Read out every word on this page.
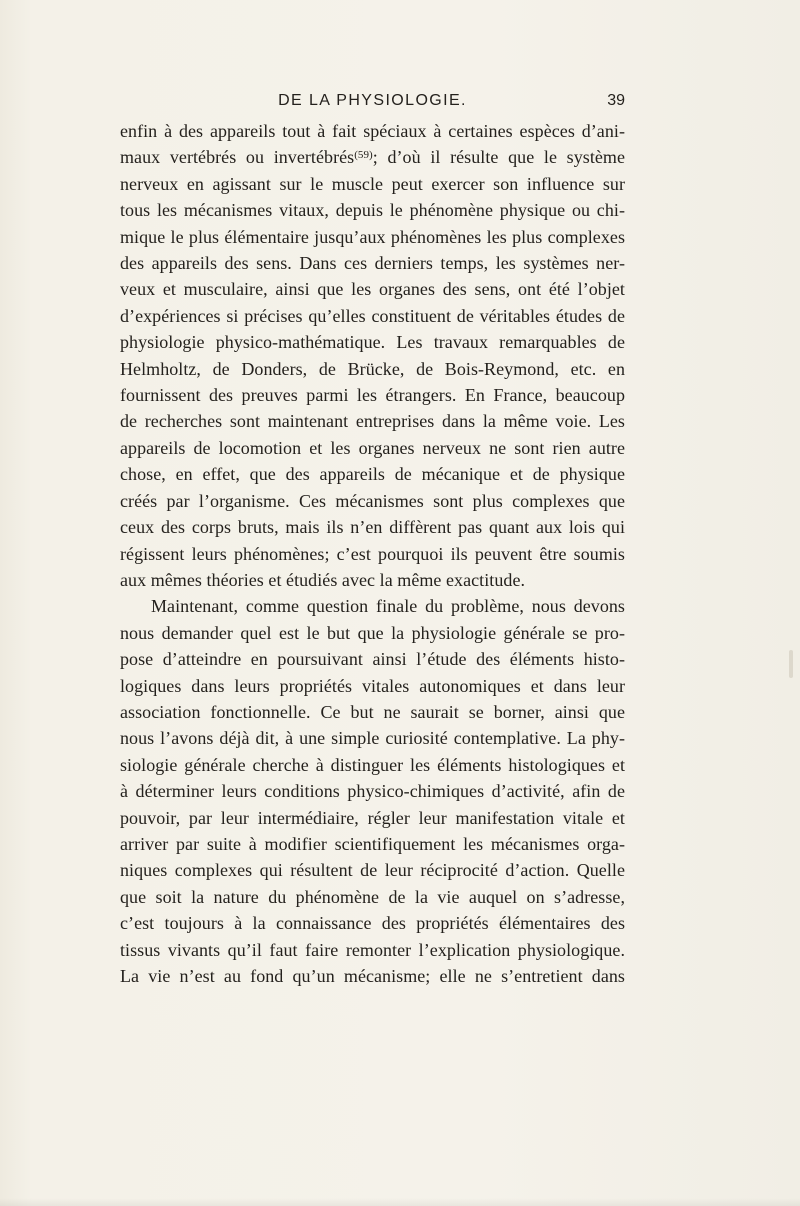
DE LA PHYSIOLOGIE.	39
enfin à des appareils tout à fait spéciaux à certaines espèces d’ani-
maux vertébrés ou invertébrés$^{(59)}$; d’où il résulte que le système
nerveux en agissant sur le muscle peut exercer son influence sur
tous les mécanismes vitaux, depuis le phénomène physique ou chi-
mique le plus élémentaire jusqu’aux phénomènes les plus complexes
des appareils des sens. Dans ces derniers temps, les systèmes ner-
veux et musculaire, ainsi que les organes des sens, ont été l’objet
d’expériences si précises qu’elles constituent de véritables études de
physiologie physico-mathématique. Les travaux remarquables de
Helmholtz, de Donders, de Brücke, de Bois-Reymond, etc. en
fournissent des preuves parmi les étrangers. En France, beaucoup
de recherches sont maintenant entreprises dans la même voie. Les
appareils de locomotion et les organes nerveux ne sont rien autre
chose, en effet, que des appareils de mécanique et de physique
créés par l’organisme. Ces mécanismes sont plus complexes que
ceux des corps bruts, mais ils n’en diffèrent pas quant aux lois qui
régissent leurs phénomènes; c’est pourquoi ils peuvent être soumis
aux mêmes théories et étudiés avec la même exactitude.
Maintenant, comme question finale du problème, nous devons
nous demander quel est le but que la physiologie générale se pro-
pose d’atteindre en poursuivant ainsi l’étude des éléments histo-
logiques dans leurs propriétés vitales autonomiques et dans leur
association fonctionnelle. Ce but ne saurait se borner, ainsi que
nous l’avons déjà dit, à une simple curiosité contemplative. La phy-
siologie générale cherche à distinguer les éléments histologiques et
à déterminer leurs conditions physico-chimiques d’activité, afin de
pouvoir, par leur intermédiaire, régler leur manifestation vitale et
arriver par suite à modifier scientifiquement les mécanismes orga-
niques complexes qui résultent de leur réciprocité d’action. Quelle
que soit la nature du phénomène de la vie auquel on s’adresse,
c’est toujours à la connaissance des propriétés élémentaires des
tissus vivants qu’il faut faire remonter l’explication physiologique.
La vie n’est au fond qu’un mécanisme; elle ne s’entretient dans
